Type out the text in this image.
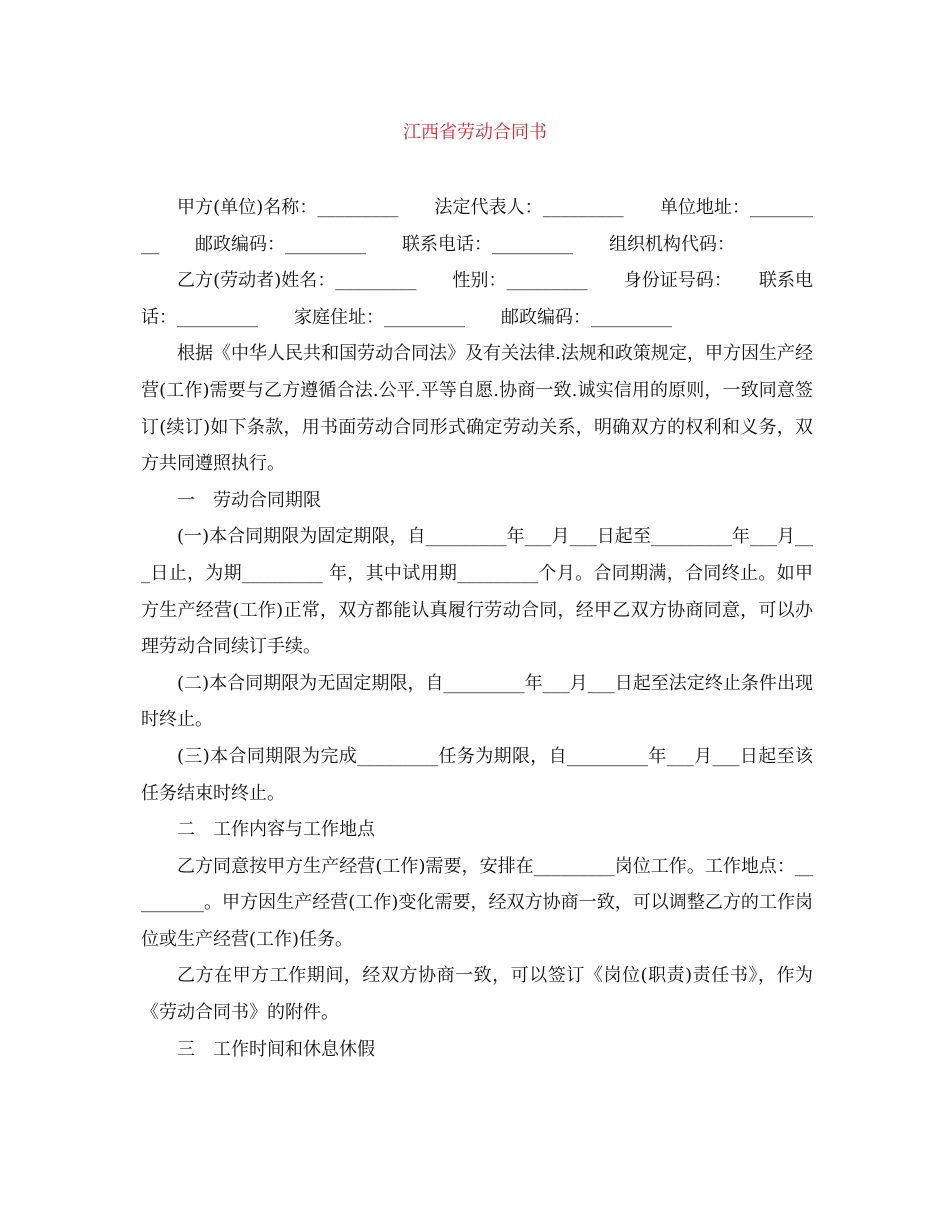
江西省劳动合同书

甲方(单位)名称：_________　　法定代表人：_________　　单位地址：_________　　邮政编码：_________　　联系电话：_________　　组织机构代码：

乙方(劳动者)姓名：_________　　性别：_________　　身份证号码：　　联系电话：_________　　家庭住址：_________　　邮政编码：_________

根据《中华人民共和国劳动合同法》及有关法律.法规和政策规定，甲方因生产经营(工作)需要与乙方遵循合法.公平.平等自愿.协商一致.诚实信用的原则，一致同意签订(续订)如下条款，用书面劳动合同形式确定劳动关系，明确双方的权利和义务，双方共同遵照执行。

一　劳动合同期限

(一)本合同期限为固定期限，自_________年___月___日起至_________年___月___日止，为期_________ 年，其中试用期_________个月。合同期满，合同终止。如甲方生产经营(工作)正常，双方都能认真履行劳动合同，经甲乙双方协商同意，可以办理劳动合同续订手续。

(二)本合同期限为无固定期限，自_________年___月___日起至法定终止条件出现时终止。

(三)本合同期限为完成_________任务为期限，自_________年___月___日起至该任务结束时终止。

二　工作内容与工作地点

乙方同意按甲方生产经营(工作)需要，安排在_________岗位工作。工作地点：_________。甲方因生产经营(工作)变化需要，经双方协商一致，可以调整乙方的工作岗位或生产经营(工作)任务。

乙方在甲方工作期间，经双方协商一致，可以签订《岗位(职责)责任书》，作为《劳动合同书》的附件。

三　工作时间和休息休假
